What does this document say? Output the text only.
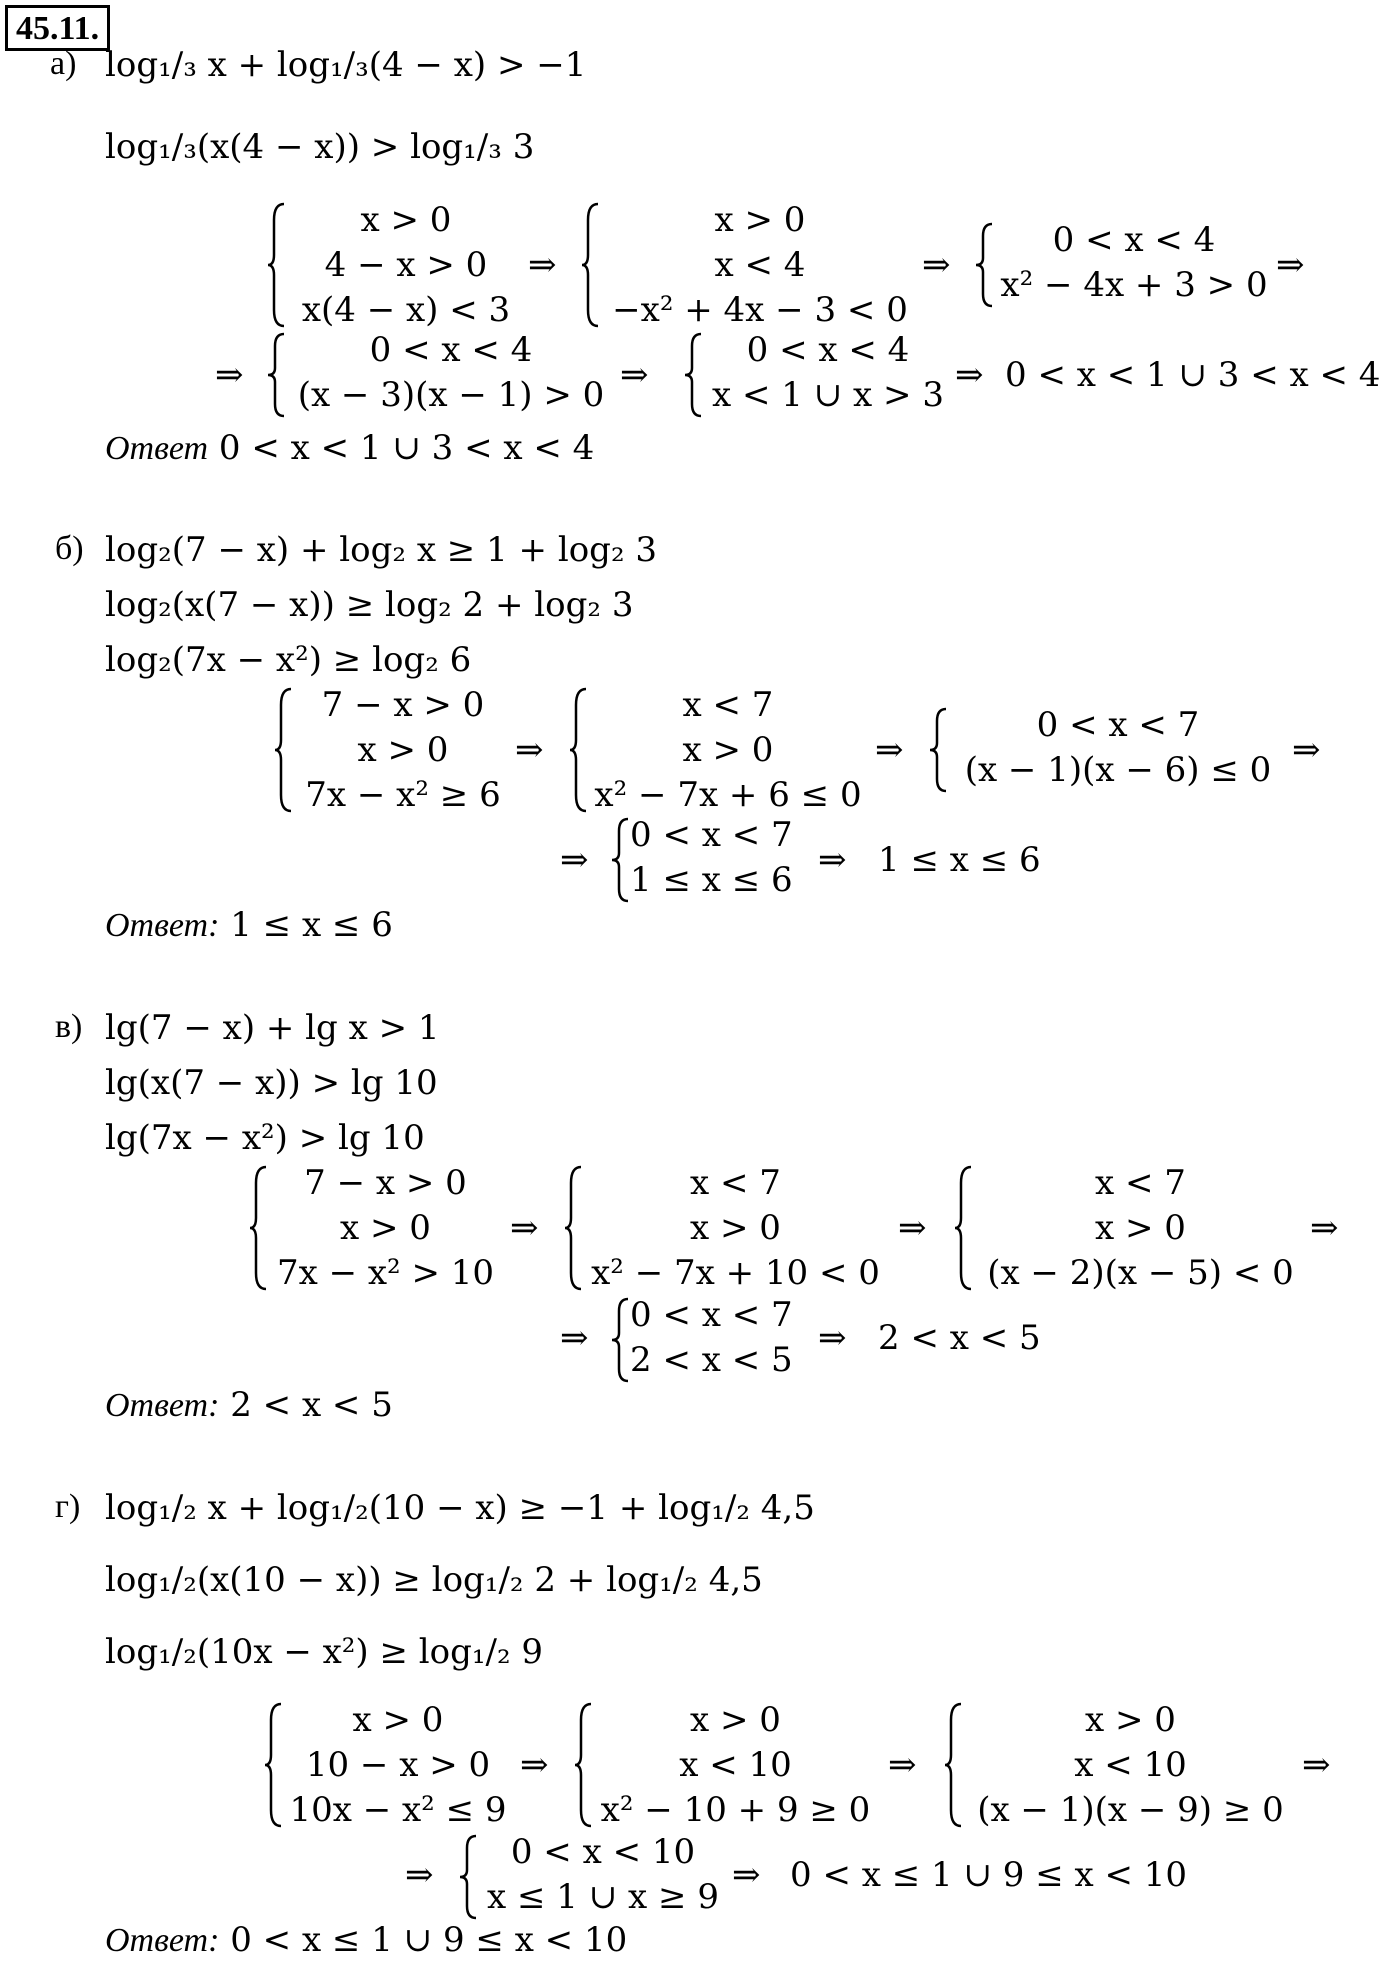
45.11.
а) log₁/₃ x + log₁/₃(4 − x) > −1
log₁/₃(x(4 − x)) > log₁/₃ 3
x > 0
4 − x > 0
x(4 − x) < 3
⇒
x > 0
x < 4
−x² + 4x − 3 < 0
⇒
0 < x < 4
x² − 4x + 3 > 0 ⇒
⇒
0 < x < 4
(x − 3)(x − 1) > 0 ⇒
0 < x < 4
x < 1 ∪ x > 3 ⇒ 0 < x < 1 ∪ 3 < x < 4
Ответ 0 < x < 1 ∪ 3 < x < 4
б) log₂(7 − x) + log₂ x ≥ 1 + log₂ 3
log₂(x(7 − x)) ≥ log₂ 2 + log₂ 3
log₂(7x − x²) ≥ log₂ 6
7 − x > 0
x > 0
7x − x² ≥ 6
⇒
x < 7
x > 0
x² − 7x + 6 ≤ 0
⇒
0 < x < 7
(x − 1)(x − 6) ≤ 0 ⇒
⇒
0 < x < 7
1 ≤ x ≤ 6 ⇒ 1 ≤ x ≤ 6
Ответ: 1 ≤ x ≤ 6
в) lg(7 − x) + lg x > 1
lg(x(7 − x)) > lg 10
lg(7x − x²) > lg 10
7 − x > 0
x > 0
7x − x² > 10
⇒
x < 7
x > 0
x² − 7x + 10 < 0
⇒
x < 7
x > 0
(x − 2)(x − 5) < 0
⇒
⇒
0 < x < 7
2 < x < 5
⇒ 2 < x < 5
Ответ: 2 < x < 5
г) log₁/₂ x + log₁/₂(10 − x) ≥ −1 + log₁/₂ 4,5
log₁/₂(x(10 − x)) ≥ log₁/₂ 2 + log₁/₂ 4,5
log₁/₂(10x − x²) ≥ log₁/₂ 9
x > 0
10 − x > 0
10x − x² ≤ 9
⇒
x > 0
x < 10
x² − 10 + 9 ≥ 0
⇒
x > 0
x < 10
(x − 1)(x − 9) ≥ 0
⇒
⇒
0 < x < 10
x ≤ 1 ∪ x ≥ 9
⇒ 0 < x ≤ 1 ∪ 9 ≤ x < 10
Ответ: 0 < x ≤ 1 ∪ 9 ≤ x < 10
